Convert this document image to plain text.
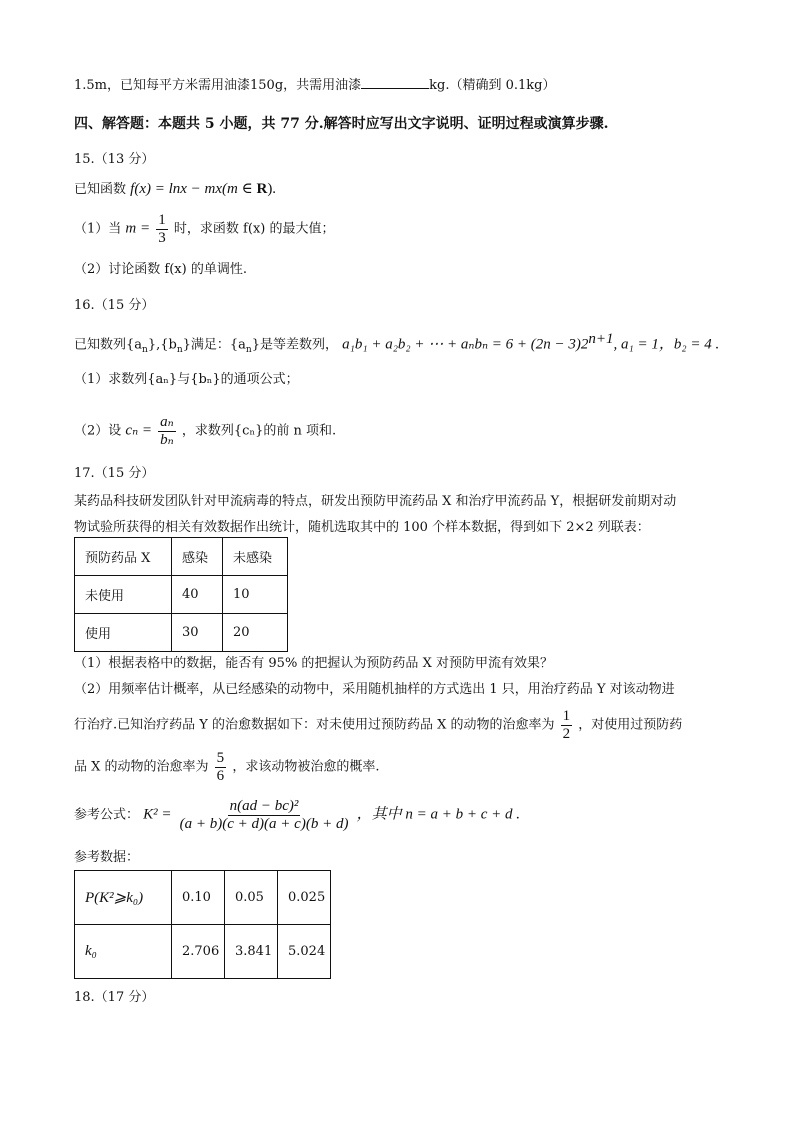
1.5m，已知每平方米需用油漆150g，共需用油漆	kg.（精确到 0.1kg）
四、解答题：本题共 5 小题，共 77 分.解答时应写出文字说明、证明过程或演算步骤.
15.（13 分）
已知函数 f(x) = lnx − mx(m ∈ R).
（1）当 $m = \frac{1}{3}$ 时，求函数 f(x) 的最大值；
（2）讨论函数 f(x) 的单调性.
16.（15 分）
已知数列$\{a_n\},\{b_n\}$满足：$\{a_n\}$是等差数列， a₁b₁ + a₂b₂ + ⋯ + $a_nb_n = 6 + (2n - 3)2^{n+1}$, a₁ = 1，b₂ = 4 .
（1）求数列{aₙ}与{bₙ}的通项公式；
（2）设 $c_n = \frac{\text{aₙ}}{\text{bₙ}}$ ，求数列{cₙ}的前 n 项和.
17.（15 分）
某药品科技研发团队针对甲流病毒的特点，研发出预防甲流药品 X 和治疗甲流药品 Y，根据研发前期对动
物试验所获得的相关有效数据作出统计，随机选取其中的 100 个样本数据，得到如下 2×2 列联表：
预防药品 X	感染	未感染
未使用	40	10
使用	30	20
（1）根据表格中的数据，能否有 95% 的把握认为预防药品 X 对预防甲流有效果？
（2）用频率估计概率，从已经感染的动物中，采用随机抽样的方式选出 1 只，用治疗药品 Y 对该动物进
行治疗.已知治疗药品 Y 的治愈数据如下：对未使用过预防药品 X 的动物的治愈率为 $\frac{1}{2}$ ，对使用过预防药
品 X 的动物的治愈率为 $\frac{5}{6}$ ，求该动物被治愈的概率.
参考公式： $K^2 = \frac{\text{n(ad − bc)²}}{(a + b)(c + d)(a + c)(b + d)}$ ，其中 n = a + b + c + d .
参考数据：
P(K²⩾k₀)	0.10	0.05	0.025
k₀	2.706	3.841	5.024
18.（17 分）
